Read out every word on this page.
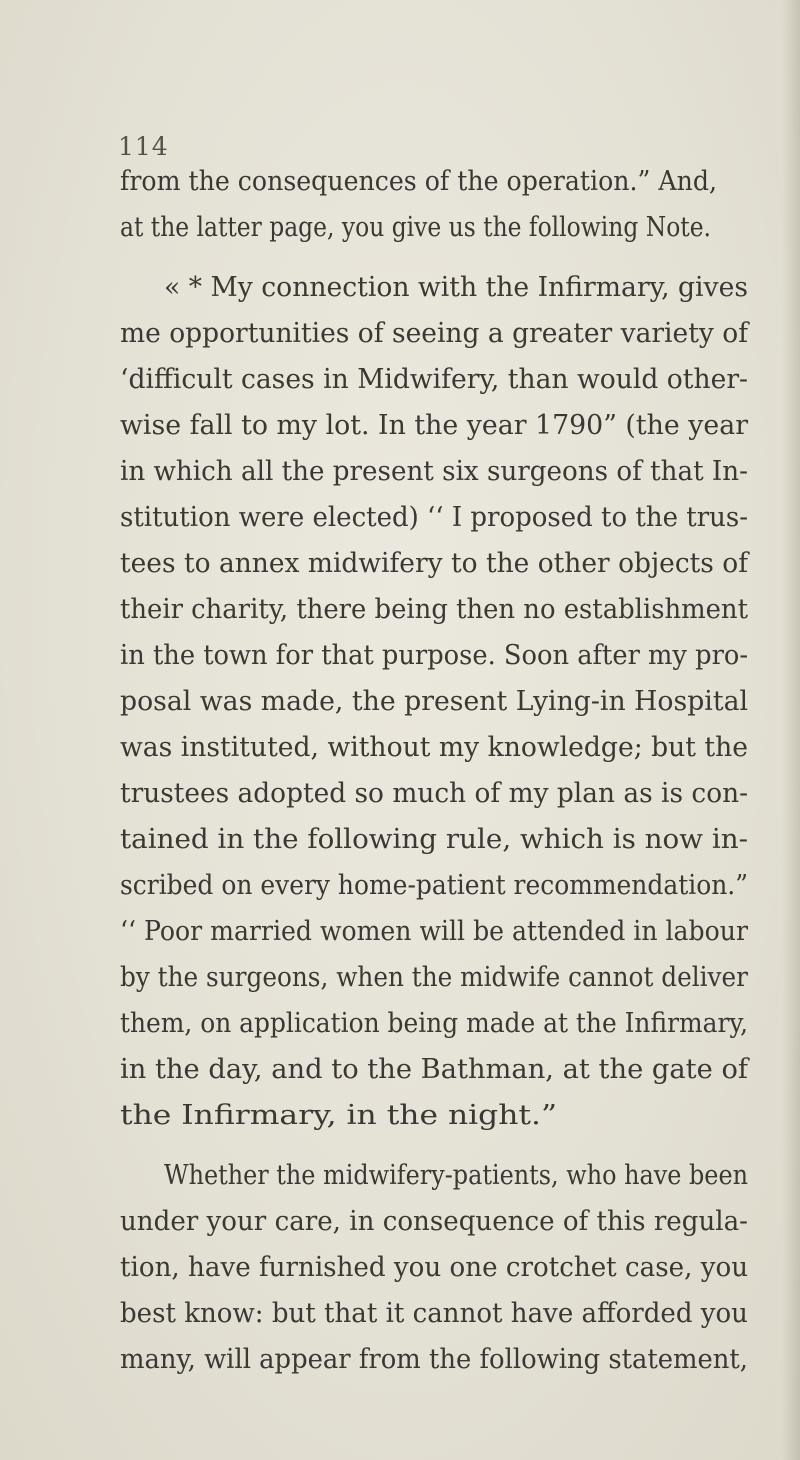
114
from the consequences of the operation.” And,
at the latter page, you give us the following Note.
« * My connection with the Infirmary, gives
me opportunities of seeing a greater variety of
‘difficult cases in Midwifery, than would other-
wise fall to my lot. In the year 1790” (the year
in which all the present six surgeons of that In-
stitution were elected) ‘‘ I proposed to the trus-
tees to annex midwifery to the other objects of
their charity, there being then no establishment
in the town for that purpose. Soon after my pro-
posal was made, the present Lying-in Hospital
was instituted, without my knowledge; but the
trustees adopted so much of my plan as is con-
tained in the following rule, which is now in-
scribed on every home-patient recommendation.”
‘‘ Poor married women will be attended in labour
by the surgeons, when the midwife cannot deliver
them, on application being made at the Infirmary,
in the day, and to the Bathman, at the gate of
the Infirmary, in the night.”
Whether the midwifery-patients, who have been
under your care, in consequence of this regula-
tion, have furnished you one crotchet case, you
best know: but that it cannot have afforded you
many, will appear from the following statement,
